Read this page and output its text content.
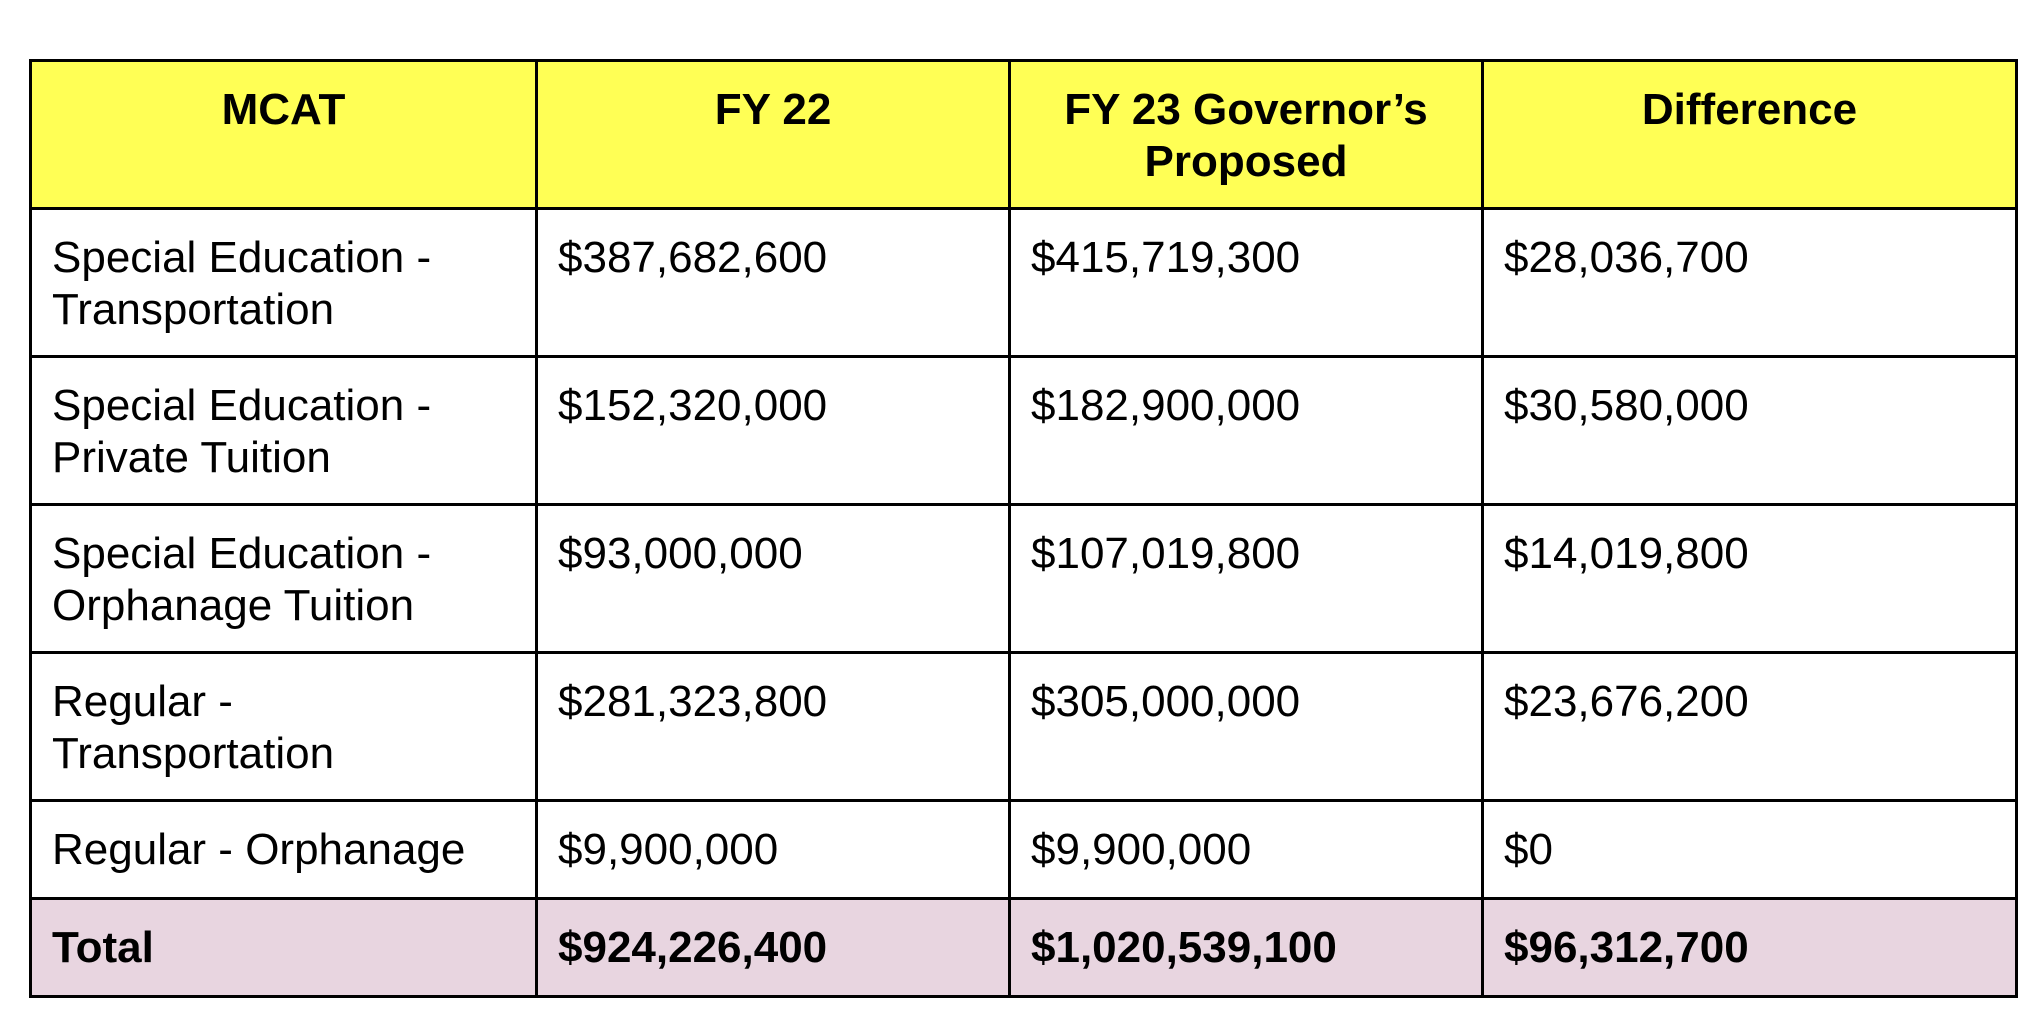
MCAT	FY 22	FY 23 Governor’s Proposed	Difference
Special Education - Transportation	$387,682,600	$415,719,300	$28,036,700
Special Education - Private Tuition	$152,320,000	$182,900,000	$30,580,000
Special Education - Orphanage Tuition	$93,000,000	$107,019,800	$14,019,800
Regular - Transportation	$281,323,800	$305,000,000	$23,676,200
Regular - Orphanage	$9,900,000	$9,900,000	$0
Total	$924,226,400	$1,020,539,100	$96,312,700
